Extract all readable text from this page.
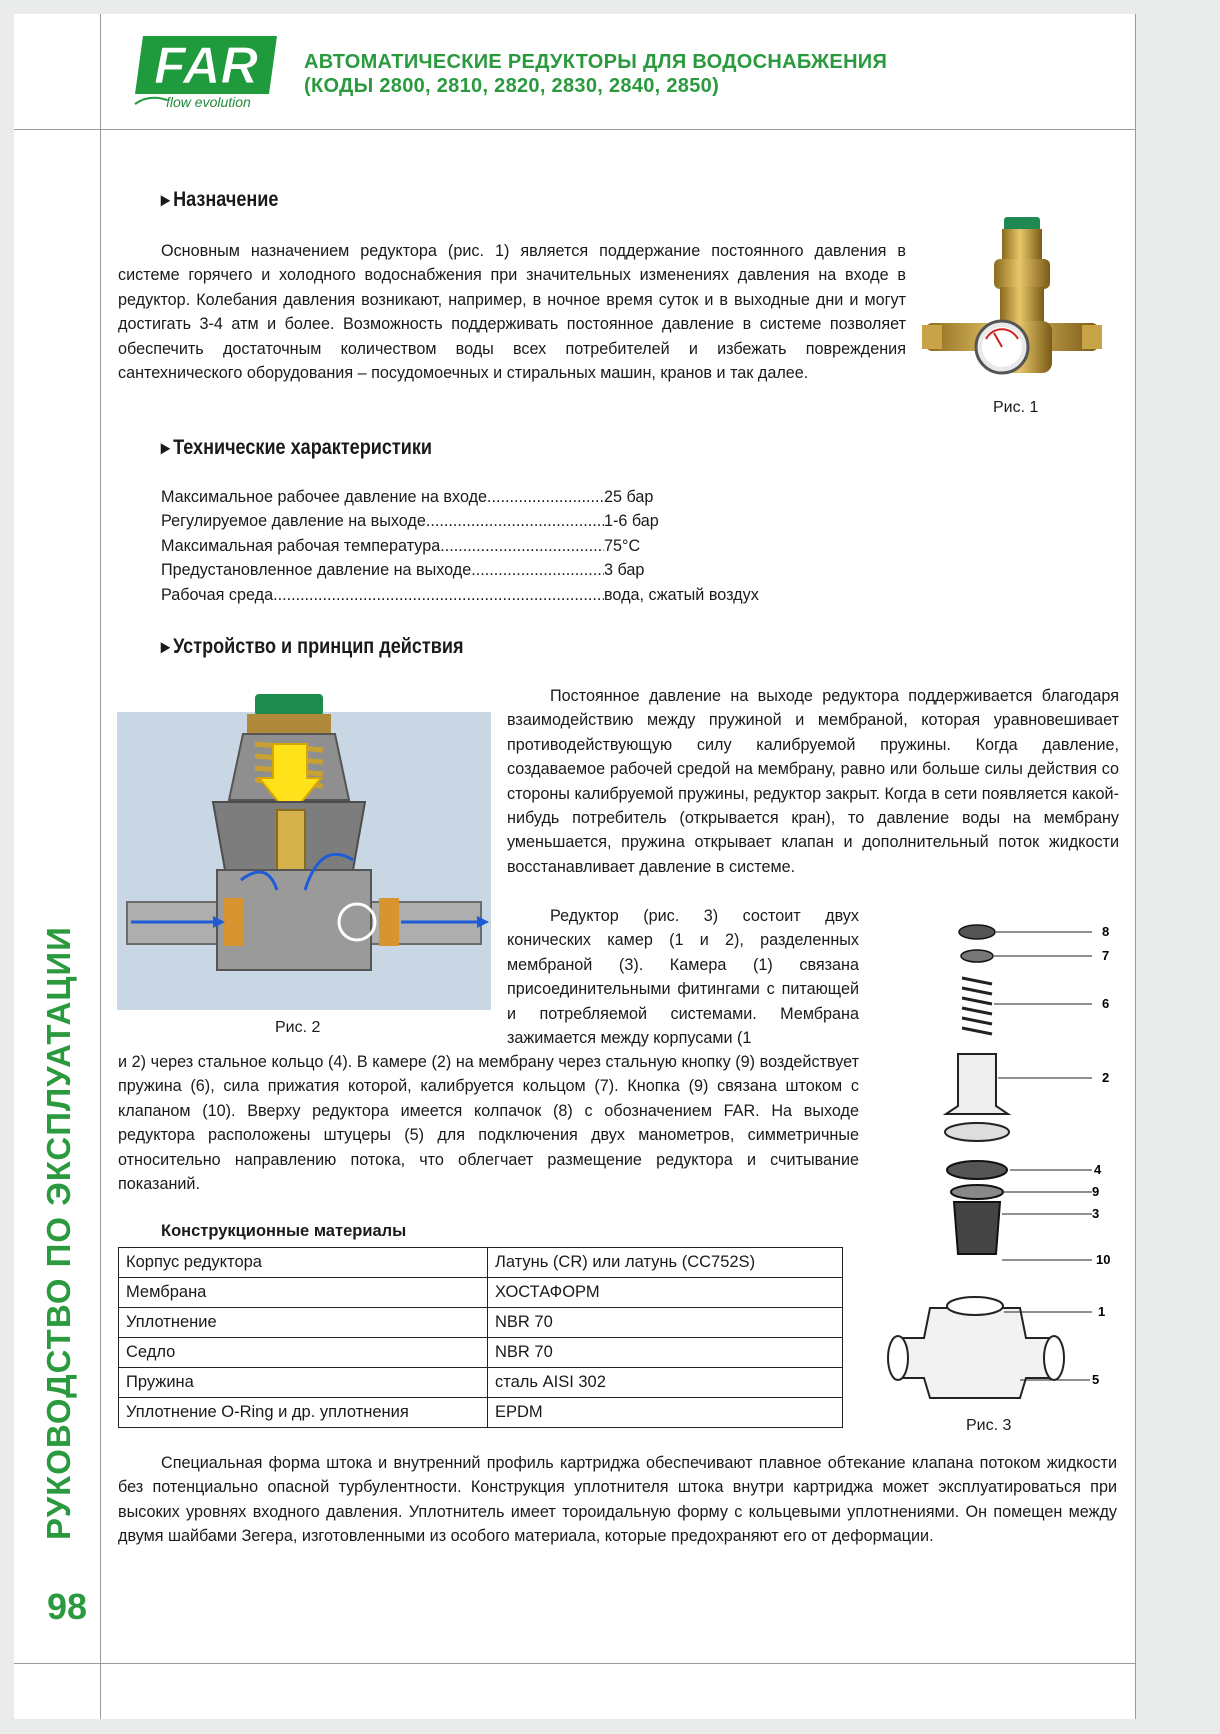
FAR
flow evolution
АВТОМАТИЧЕСКИЕ РЕДУКТОРЫ ДЛЯ ВОДОСНАБЖЕНИЯ
(КОДЫ 2800, 2810, 2820, 2830, 2840, 2850)
РУКОВОДСТВО ПО ЭКСПЛУАТАЦИИ
98
▸ Назначение

Основным назначением редуктора (рис. 1) является поддержание постоянного давления в системе горячего и холодного водоснабжения при значительных изменениях давления на входе в редуктор. Колебания давления возникают, например, в ночное время суток и в выходные дни и могут достигать 3-4 атм и более. Возможность поддерживать постоянное давление в системе позволяет обеспечить достаточным количеством воды всех потребителей и избежать повреждения сантехнического оборудования – посудомоечных и стиральных машин, кранов и так далее.

Рис. 1
▸ Технические характеристики
Максимальное рабочее давление на входе .....	25 бар
Регулируемое давление на выходе .....	1-6 бар
Максимальная рабочая температура .....	75°С
Предустановленное давление на выходе .....	3 бар
Рабочая среда .....	вода, сжатый воздух
▸ Устройство и принцип действия
Рис. 2

Постоянное давление на выходе редуктора поддерживается благодаря взаимодействию между пружиной и мембраной, которая уравновешивает противодействующую силу калибруемой пружины. Когда давление, создаваемое рабочей средой на мембрану, равно или больше силы действия со стороны калибруемой пружины, редуктор закрыт. Когда в сети появляется какой-нибудь потребитель (открывается кран), то давление воды на мембрану уменьшается, пружина открывает клапан и дополнительный поток жидкости восстанавливает давление в системе.

Редуктор (рис. 3) состоит двух конических камер (1 и 2), разделенных мембраной (3). Камера (1) связана присоединительными фитингами с питающей и потребляемой системами. Мембрана зажимается между корпусами (1

и 2) через стальное кольцо (4). В камере (2) на мембрану через стальную кнопку (9) воздействует пружина (6), сила прижатия которой, калибруется кольцом (7). Кнопка (9) связана штоком с клапаном (10). Вверху редуктора имеется колпачок (8) с обозначением FAR. На выходе редуктора расположены штуцеры (5) для подключения двух манометров, симметричные относительно направлению потока, что облегчает размещение редуктора и считывание показаний.

8
7
6
2
4
9
3
10
1
5
Рис. 3
Конструкционные материалы
Корпус редуктора	Латунь (CR) или латунь (CC752S)
Мембрана	ХОСТАФОРМ
Уплотнение	NBR 70
Седло	NBR 70
Пружина	сталь AISI 302
Уплотнение O-Ring и др. уплотнения	EPDM

Специальная форма штока и внутренний профиль картриджа обеспечивают плавное обтекание клапана потоком жидкости без потенциально опасной турбулентности. Конструкция уплотнителя штока внутри картриджа может эксплуатироваться при высоких уровнях входного давления. Уплотнитель имеет тороидальную форму с кольцевыми уплотнениями. Он помещен между двумя шайбами Зегера, изготовленными из особого материала, которые предохраняют его от деформации.
